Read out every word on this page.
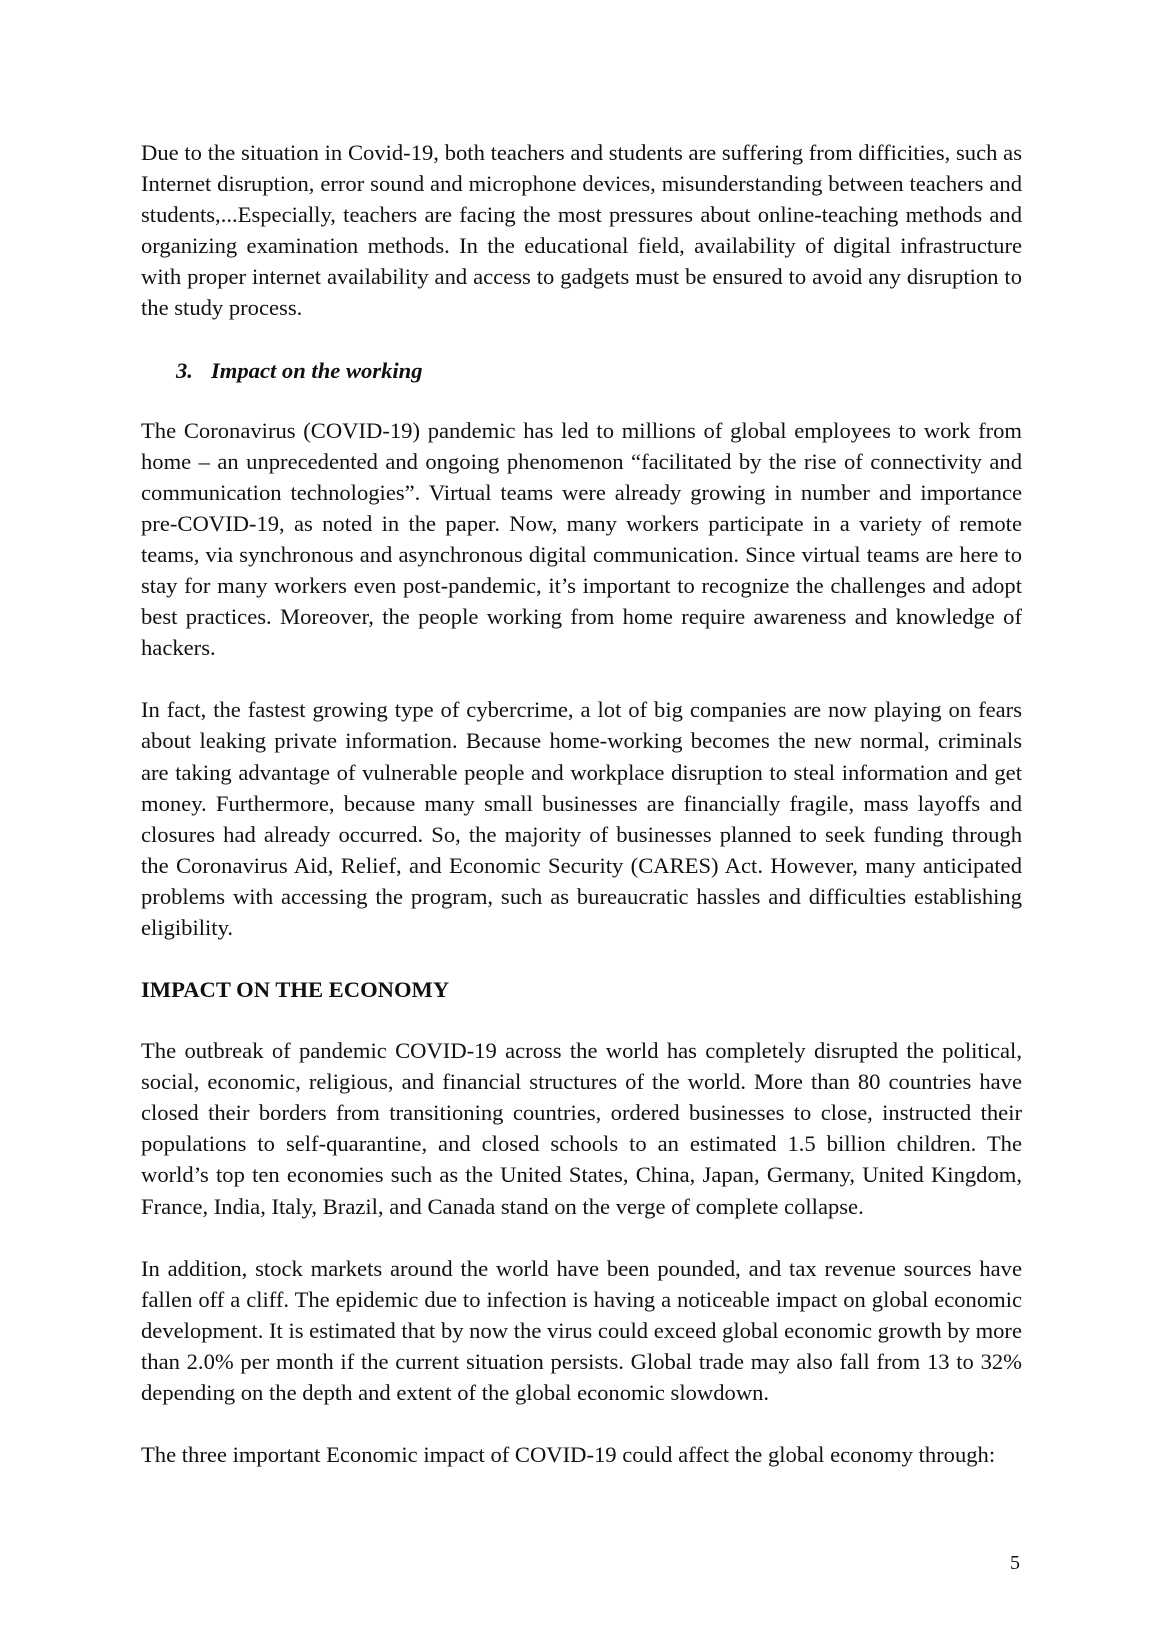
Due to the situation in Covid-19, both teachers and students are suffering from difficities, such as Internet disruption, error sound and microphone devices, misunderstanding between teachers and students,...Especially, teachers are facing the most pressures about online-teaching methods and organizing examination methods. In the educational field, availability of digital infrastructure with proper internet availability and access to gadgets must be ensured to avoid any disruption to the study process.

3. Impact on the working

The Coronavirus (COVID-19) pandemic has led to millions of global employees to work from home – an unprecedented and ongoing phenomenon “facilitated by the rise of connectivity and communication technologies”. Virtual teams were already growing in number and importance pre-COVID-19, as noted in the paper. Now, many workers participate in a variety of remote teams, via synchronous and asynchronous digital communication. Since virtual teams are here to stay for many workers even post-pandemic, it’s important to recognize the challenges and adopt best practices. Moreover, the people working from home require awareness and knowledge of hackers.

In fact, the fastest growing type of cybercrime, a lot of big companies are now playing on fears about leaking private information. Because home-working becomes the new normal, criminals are taking advantage of vulnerable people and workplace disruption to steal information and get money. Furthermore, because many small businesses are financially fragile, mass layoffs and closures had already occurred. So, the majority of businesses planned to seek funding through the Coronavirus Aid, Relief, and Economic Security (CARES) Act. However, many anticipated problems with accessing the program, such as bureaucratic hassles and difficulties establishing eligibility.

IMPACT ON THE ECONOMY

The outbreak of pandemic COVID-19 across the world has completely disrupted the political, social, economic, religious, and financial structures of the world. More than 80 countries have closed their borders from transitioning countries, ordered businesses to close, instructed their populations to self-quarantine, and closed schools to an estimated 1.5 billion children. The world’s top ten economies such as the United States, China, Japan, Germany, United Kingdom, France, India, Italy, Brazil, and Canada stand on the verge of complete collapse.

In addition, stock markets around the world have been pounded, and tax revenue sources have fallen off a cliff. The epidemic due to infection is having a noticeable impact on global economic development. It is estimated that by now the virus could exceed global economic growth by more than 2.0% per month if the current situation persists. Global trade may also fall from 13 to 32% depending on the depth and extent of the global economic slowdown.

The three important Economic impact of COVID-19 could affect the global economy through:

5
